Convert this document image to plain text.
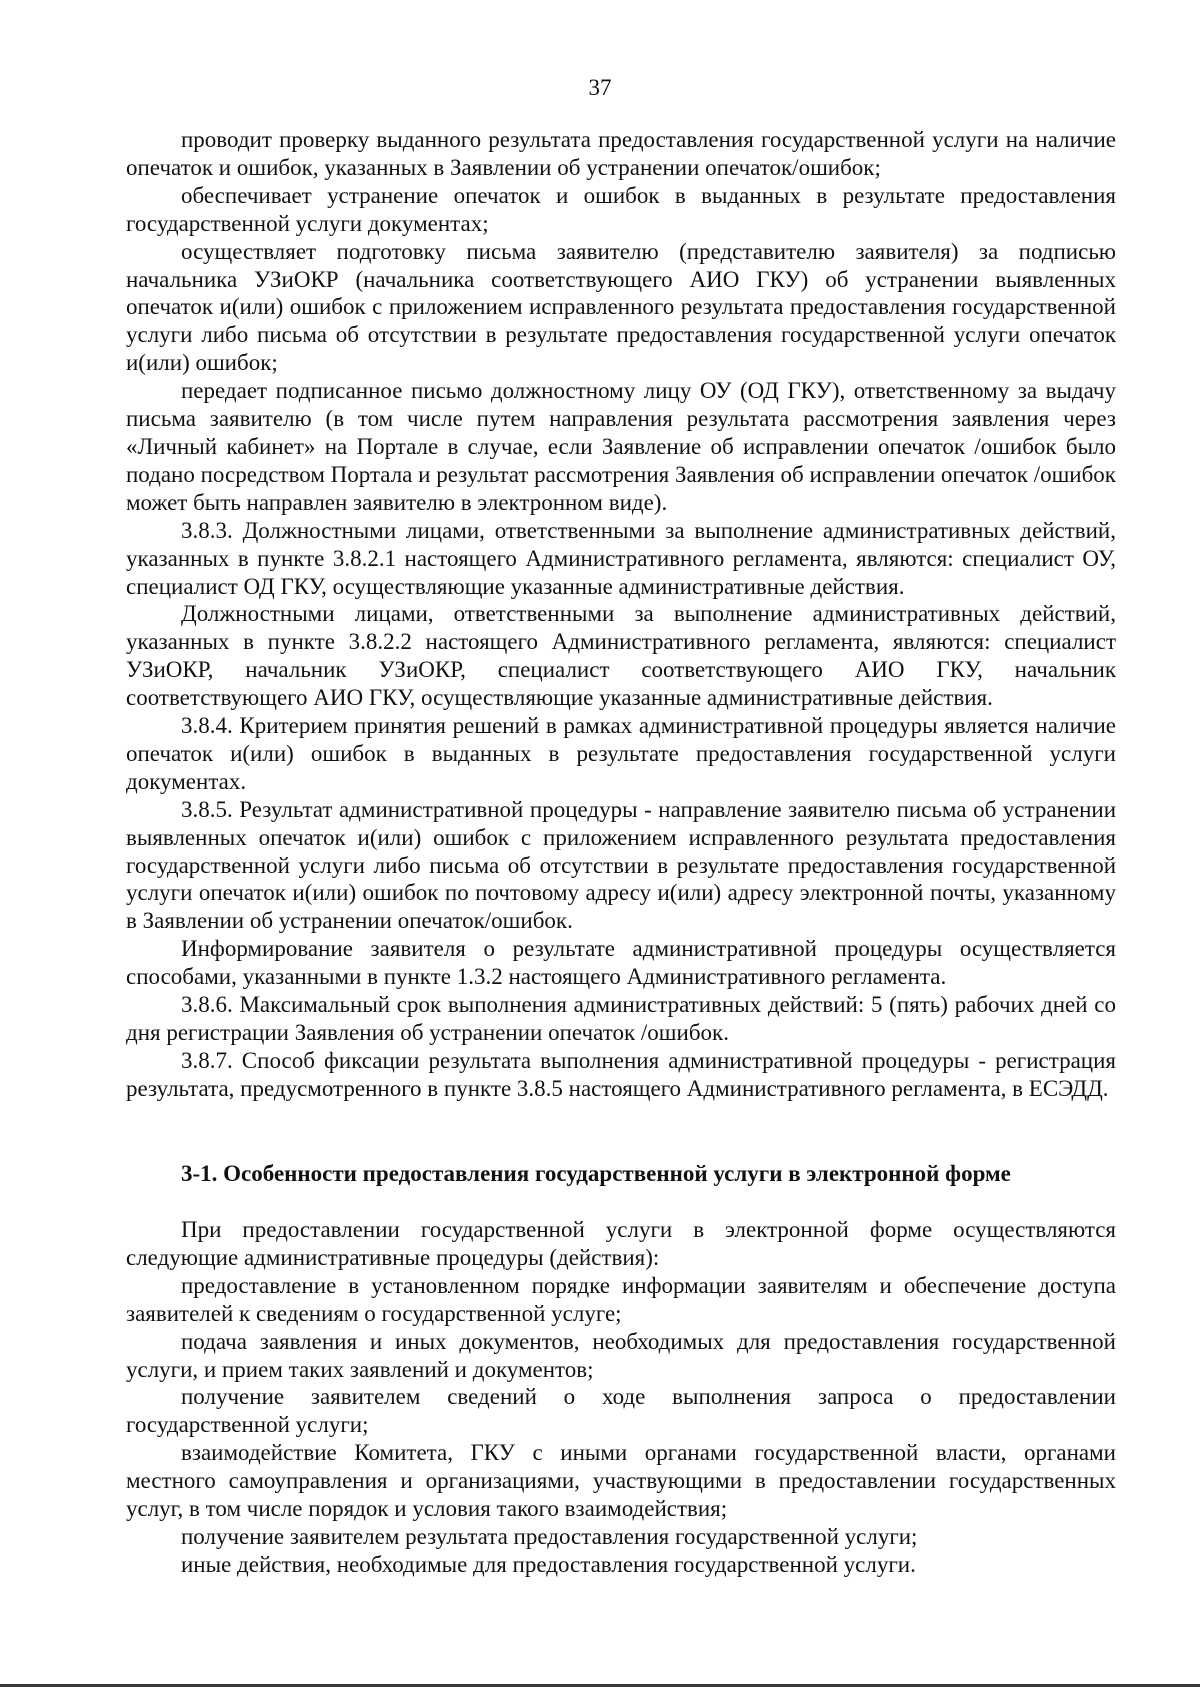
37

проводит проверку выданного результата предоставления государственной услуги на наличие опечаток и ошибок, указанных в Заявлении об устранении опечаток/ошибок;

обеспечивает устранение опечаток и ошибок в выданных в результате предоставления государственной услуги документах;

осуществляет подготовку письма заявителю (представителю заявителя) за подписью начальника УЗиОКР (начальника соответствующего АИО ГКУ) об устранении выявленных опечаток и(или) ошибок с приложением исправленного результата предоставления государственной услуги либо письма об отсутствии в результате предоставления государственной услуги опечаток и(или) ошибок;

передает подписанное письмо должностному лицу ОУ (ОД ГКУ), ответственному за выдачу письма заявителю (в том числе путем направления результата рассмотрения заявления через «Личный кабинет» на Портале в случае, если Заявление об исправлении опечаток /ошибок было подано посредством Портала и результат рассмотрения Заявления об исправлении опечаток /ошибок может быть направлен заявителю в электронном виде).

3.8.3. Должностными лицами, ответственными за выполнение административных действий, указанных в пункте 3.8.2.1 настоящего Административного регламента, являются: специалист ОУ, специалист ОД ГКУ, осуществляющие указанные административные действия.

Должностными лицами, ответственными за выполнение административных действий, указанных в пункте 3.8.2.2 настоящего Административного регламента, являются: специалист УЗиОКР, начальник УЗиОКР, специалист соответствующего АИО ГКУ, начальник соответствующего АИО ГКУ, осуществляющие указанные административные действия.

3.8.4. Критерием принятия решений в рамках административной процедуры является наличие опечаток и(или) ошибок в выданных в результате предоставления государственной услуги документах.

3.8.5. Результат административной процедуры - направление заявителю письма об устранении выявленных опечаток и(или) ошибок с приложением исправленного результата предоставления государственной услуги либо письма об отсутствии в результате предоставления государственной услуги опечаток и(или) ошибок по почтовому адресу и(или) адресу электронной почты, указанному в Заявлении об устранении опечаток/ошибок.

Информирование заявителя о результате административной процедуры осуществляется способами, указанными в пункте 1.3.2 настоящего Административного регламента.

3.8.6. Максимальный срок выполнения административных действий: 5 (пять) рабочих дней со дня регистрации Заявления об устранении опечаток /ошибок.

3.8.7. Способ фиксации результата выполнения административной процедуры - регистрация результата, предусмотренного в пункте 3.8.5 настоящего Административного регламента, в ЕСЭДД.

3-1. Особенности предоставления государственной услуги в электронной форме

При предоставлении государственной услуги в электронной форме осуществляются следующие административные процедуры (действия):

предоставление в установленном порядке информации заявителям и обеспечение доступа заявителей к сведениям о государственной услуге;

подача заявления и иных документов, необходимых для предоставления государственной услуги, и прием таких заявлений и документов;

получение заявителем сведений о ходе выполнения запроса о предоставлении государственной услуги;

взаимодействие Комитета, ГКУ с иными органами государственной власти, органами местного самоуправления и организациями, участвующими в предоставлении государственных услуг, в том числе порядок и условия такого взаимодействия;

получение заявителем результата предоставления государственной услуги;

иные действия, необходимые для предоставления государственной услуги.
